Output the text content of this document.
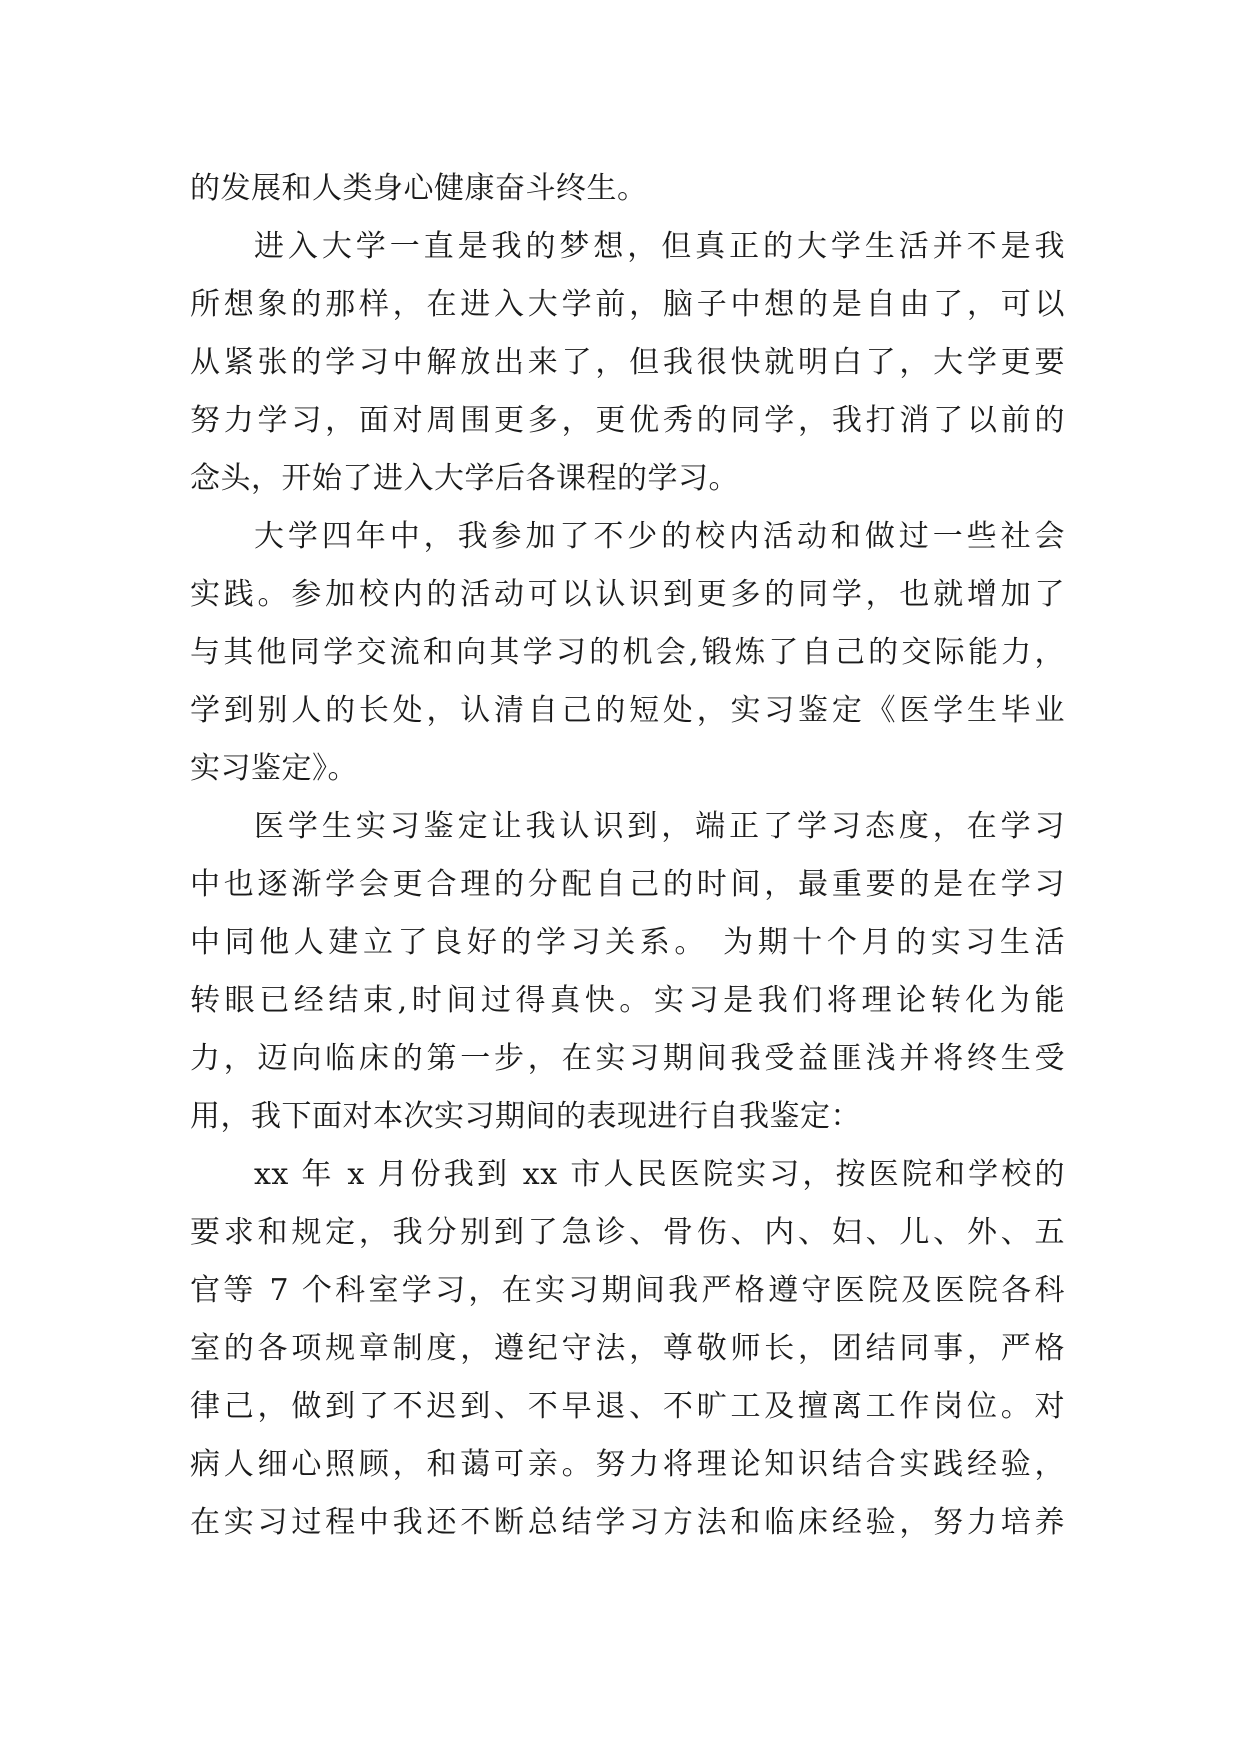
的发展和人类身心健康奋斗终生。
进入大学一直是我的梦想，但真正的大学生活并不是我
所想象的那样，在进入大学前，脑子中想的是自由了，可以
从紧张的学习中解放出来了，但我很快就明白了，大学更要
努力学习，面对周围更多，更优秀的同学，我打消了以前的
念头，开始了进入大学后各课程的学习。
大学四年中，我参加了不少的校内活动和做过一些社会
实践。参加校内的活动可以认识到更多的同学，也就增加了
与其他同学交流和向其学习的机会,锻炼了自己的交际能力，
学到别人的长处，认清自己的短处，实习鉴定《医学生毕业
实习鉴定》。
医学生实习鉴定让我认识到，端正了学习态度，在学习
中也逐渐学会更合理的分配自己的时间，最重要的是在学习
中同他人建立了良好的学习关系。 为期十个月的实习生活
转眼已经结束,时间过得真快。实习是我们将理论转化为能
力，迈向临床的第一步，在实习期间我受益匪浅并将终生受
用，我下面对本次实习期间的表现进行自我鉴定：
xx 年 x 月份我到 xx 市人民医院实习，按医院和学校的
要求和规定，我分别到了急诊、骨伤、内、妇、儿、外、五
官等 7 个科室学习，在实习期间我严格遵守医院及医院各科
室的各项规章制度，遵纪守法，尊敬师长，团结同事，严格
律己，做到了不迟到、不早退、不旷工及擅离工作岗位。对
病人细心照顾，和蔼可亲。努力将理论知识结合实践经验，
在实习过程中我还不断总结学习方法和临床经验，努力培养
